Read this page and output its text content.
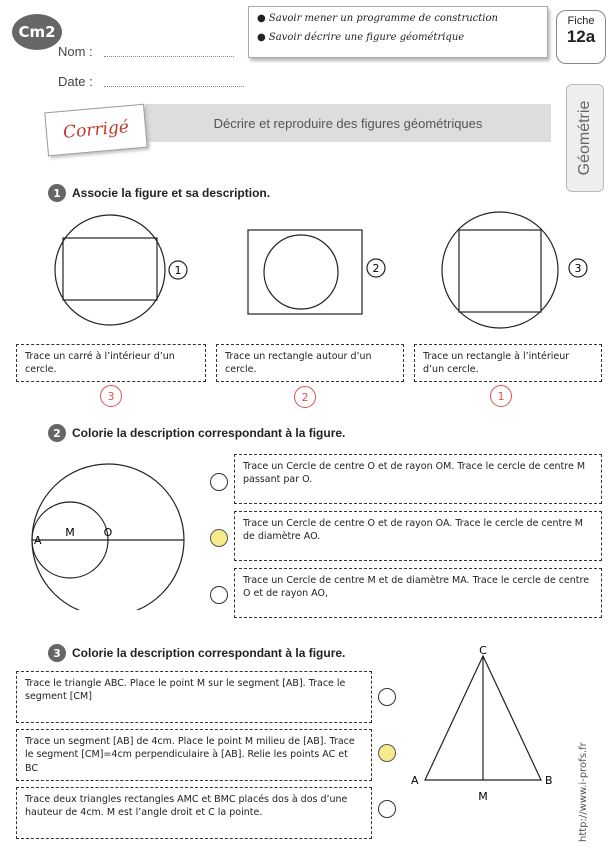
Cm2
Nom :
Date :
● Savoir mener un programme de construction
● Savoir décrire une figure géométrique
Fiche
12a
Géométrie
Décrire et reproduire des figures géométriques
Corrigé
1 Associe la figure et sa description.
1	2	3
Trace un carré à l’intérieur d’un cercle.
Trace un rectangle autour d’un cercle.
Trace un rectangle à l’intérieur d’un cercle.
3	2	1
2 Colorie la description correspondant à la figure.
A
M	O
Trace un Cercle de centre O et de rayon OM. Trace le cercle de centre M passant par O.
Trace un Cercle de centre O et de rayon OA. Trace le cercle de centre M de diamètre AO.
Trace un Cercle de centre M et de diamètre MA. Trace le cercle de centre O et de rayon AO,
3 Colorie la description correspondant à la figure.
Trace le triangle ABC. Place le point M sur le segment [AB]. Trace le segment [CM]
Trace un segment [AB] de 4cm. Place le point M milieu de [AB]. Trace le segment [CM]=4cm perpendiculaire à [AB]. Relie les points AC et BC
Trace deux triangles rectangles AMC et BMC placés dos à dos d’une hauteur de 4cm. M est l’angle droit et C la pointe.
C
A	B
M	http://www.i-profs.fr
